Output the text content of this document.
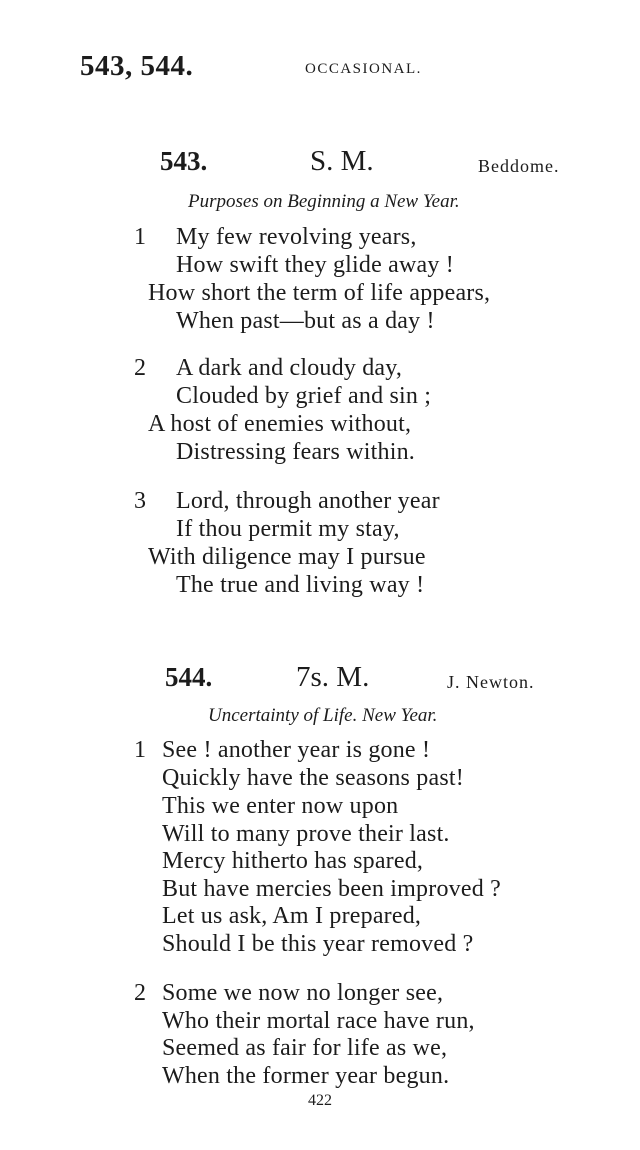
543, 544.	OCCASIONAL.
543.	S. M.	Beddome.
Purposes on Beginning a New Year.
1 My few revolving years,
How swift they glide away !
How short the term of life appears,
When past—but as a day !
2 A dark and cloudy day,
Clouded by grief and sin ;
A host of enemies without,
Distressing fears within.
3 Lord, through another year
If thou permit my stay,
With diligence may I pursue
The true and living way !
544.	7s. M.	J. Newton.
Uncertainty of Life. New Year.
1 See ! another year is gone !
Quickly have the seasons past!
This we enter now upon
Will to many prove their last.
Mercy hitherto has spared,
But have mercies been improved ?
Let us ask, Am I prepared,
Should I be this year removed ?
2 Some we now no longer see,
Who their mortal race have run,
Seemed as fair for life as we,
When the former year begun.
422
